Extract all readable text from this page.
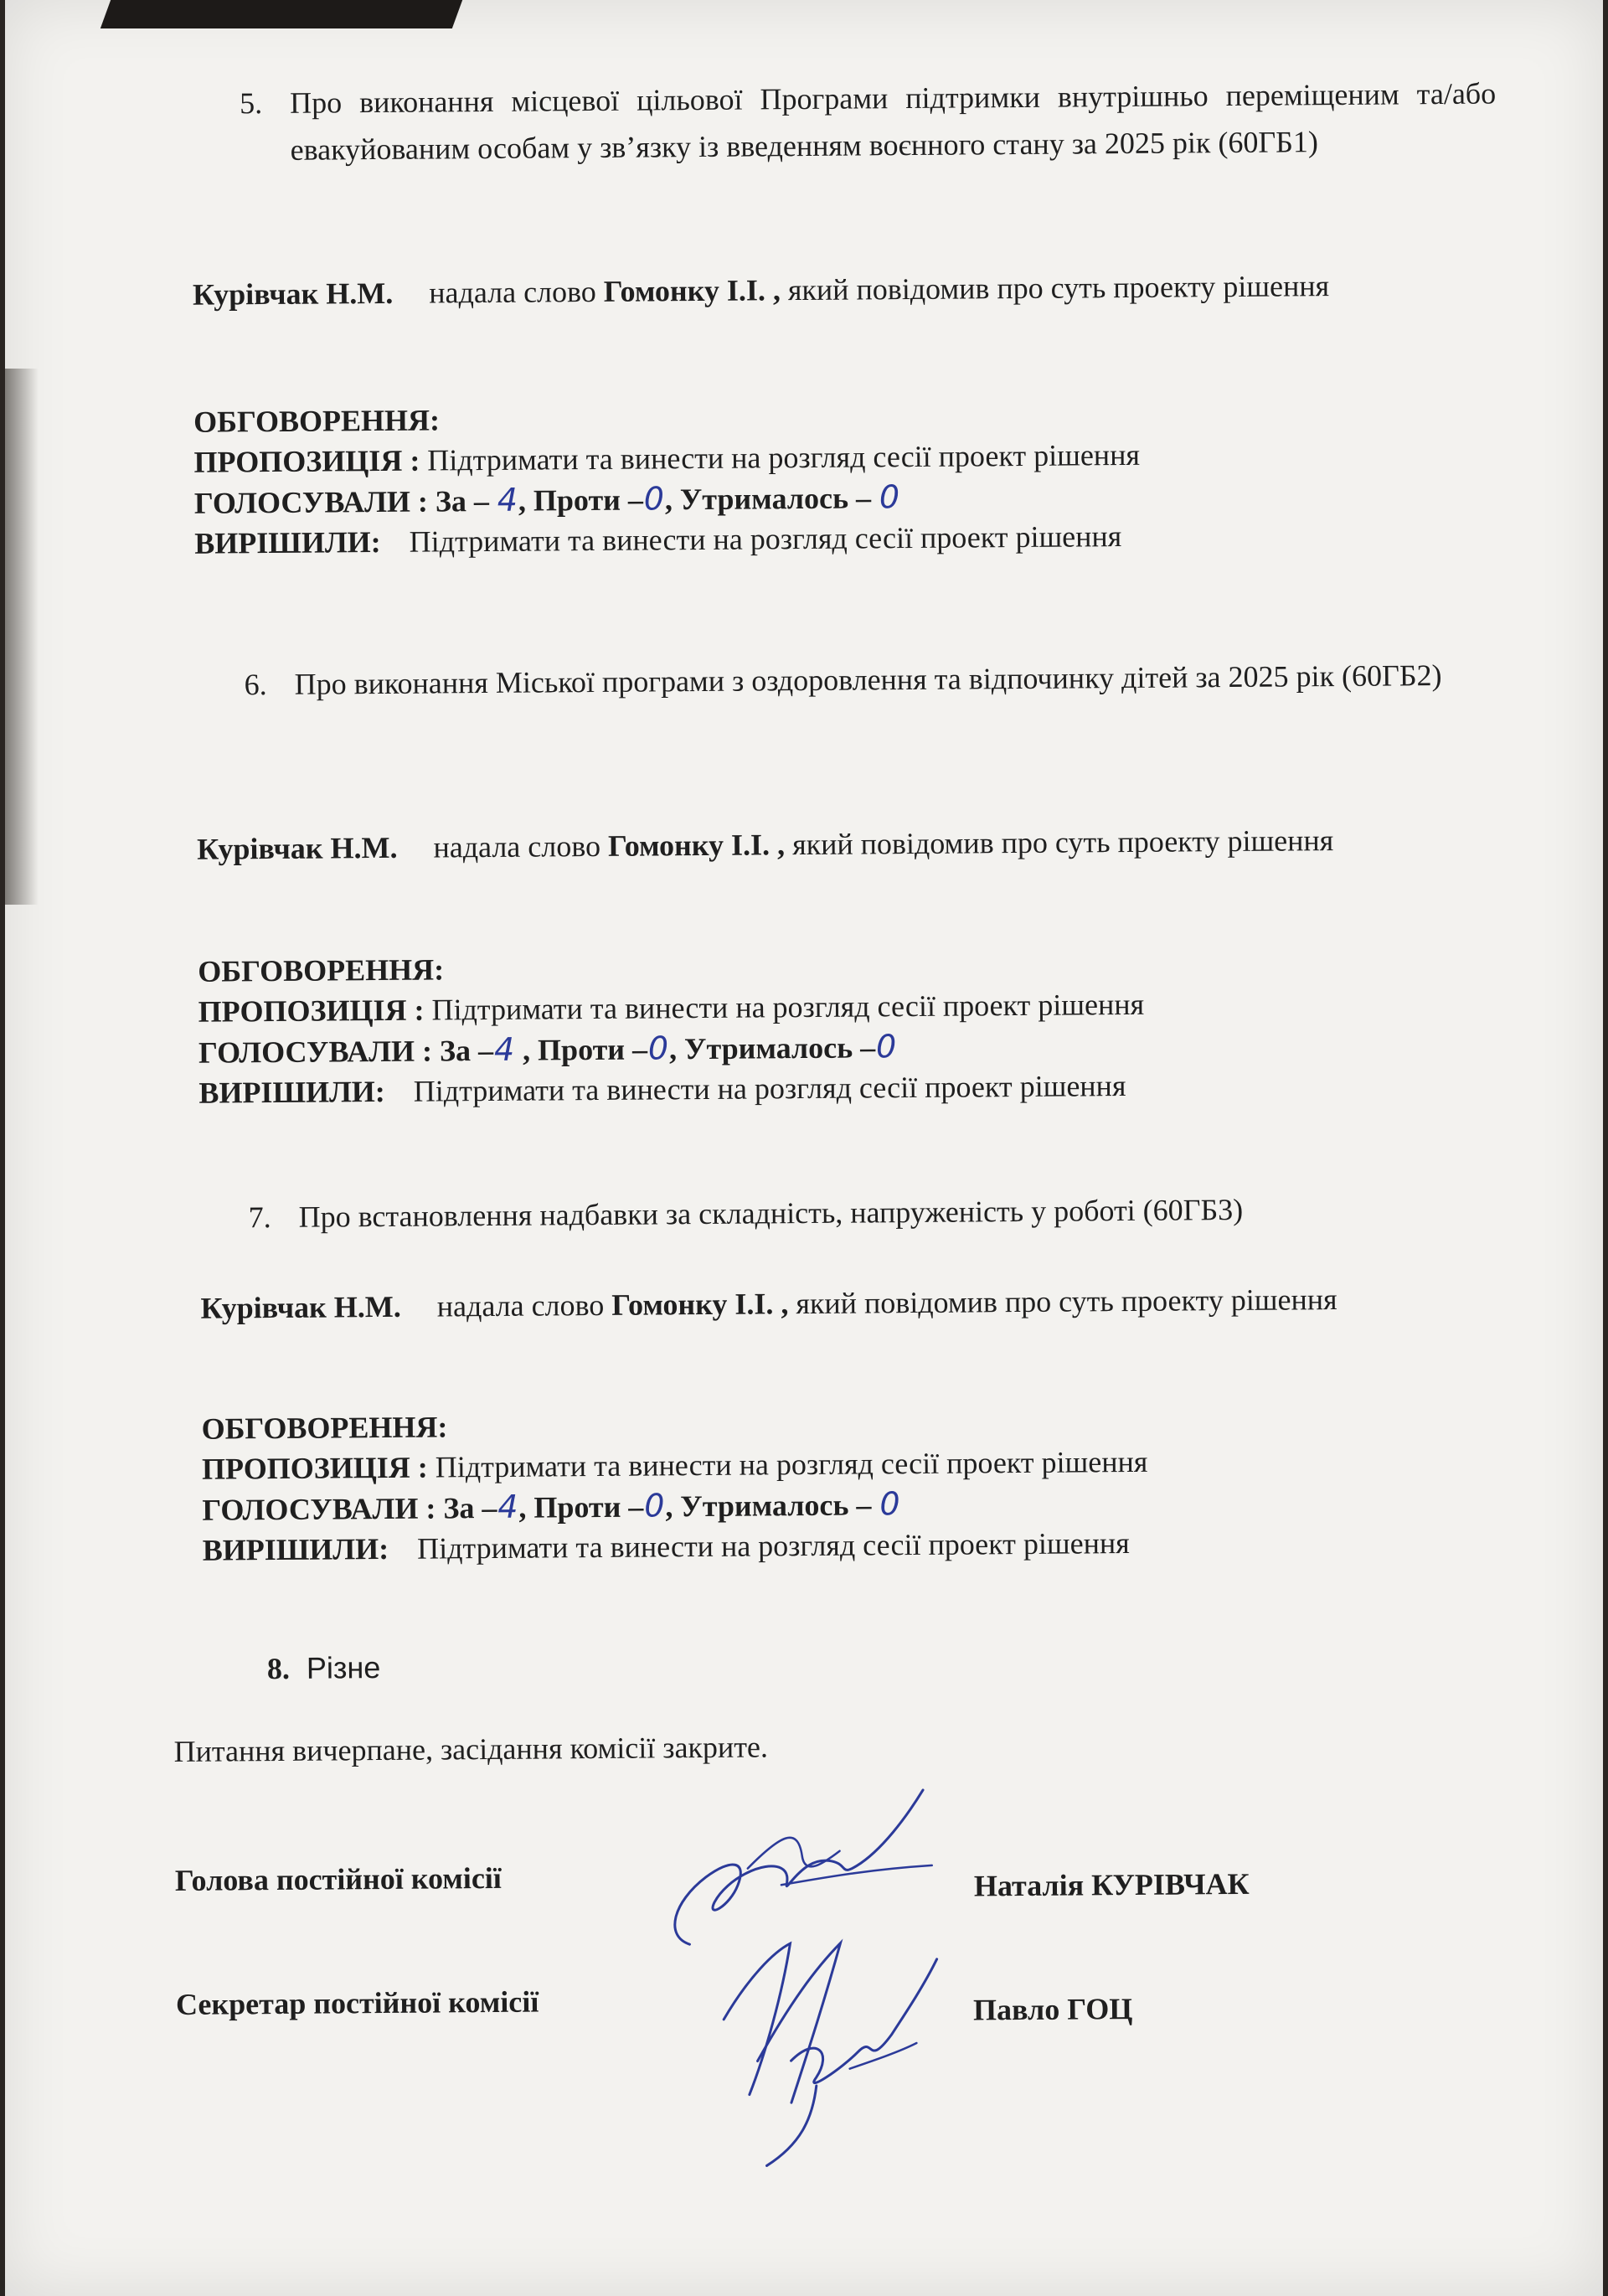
5. Про виконання місцевої цільової Програми підтримки внутрішньо переміщеним та/або евакуйованим особам у зв’язку із введенням воєнного стану за 2025 рік (60ГБ1)
Курівчак Н.М. надала слово Гомонку І.І. , який повідомив про суть проекту рішення
ОБГОВОРЕННЯ:
ПРОПОЗИЦІЯ : Підтримати та винести на розгляд сесії проект рішення
ГОЛОСУВАЛИ : За – 4, Проти –0, Утрималось – 0
ВИРІШИЛИ: Підтримати та винести на розгляд сесії проект рішення
6. Про виконання Міської програми з оздоровлення та відпочинку дітей за 2025 рік (60ГБ2)
Курівчак Н.М. надала слово Гомонку І.І. , який повідомив про суть проекту рішення
ОБГОВОРЕННЯ:
ПРОПОЗИЦІЯ : Підтримати та винести на розгляд сесії проект рішення
ГОЛОСУВАЛИ : За –4 , Проти –0, Утрималось –0
ВИРІШИЛИ: Підтримати та винести на розгляд сесії проект рішення
7. Про встановлення надбавки за складність, напруженість у роботі (60ГБ3)
Курівчак Н.М. надала слово Гомонку І.І. , який повідомив про суть проекту рішення
ОБГОВОРЕННЯ:
ПРОПОЗИЦІЯ : Підтримати та винести на розгляд сесії проект рішення
ГОЛОСУВАЛИ : За –4, Проти –0, Утрималось – 0
ВИРІШИЛИ: Підтримати та винести на розгляд сесії проект рішення
8. Різне
Питання вичерпане, засідання комісії закрите.
Голова постійної комісії	Наталія КУРІВЧАК
Секретар постійної комісії	Павло ГОЦ
